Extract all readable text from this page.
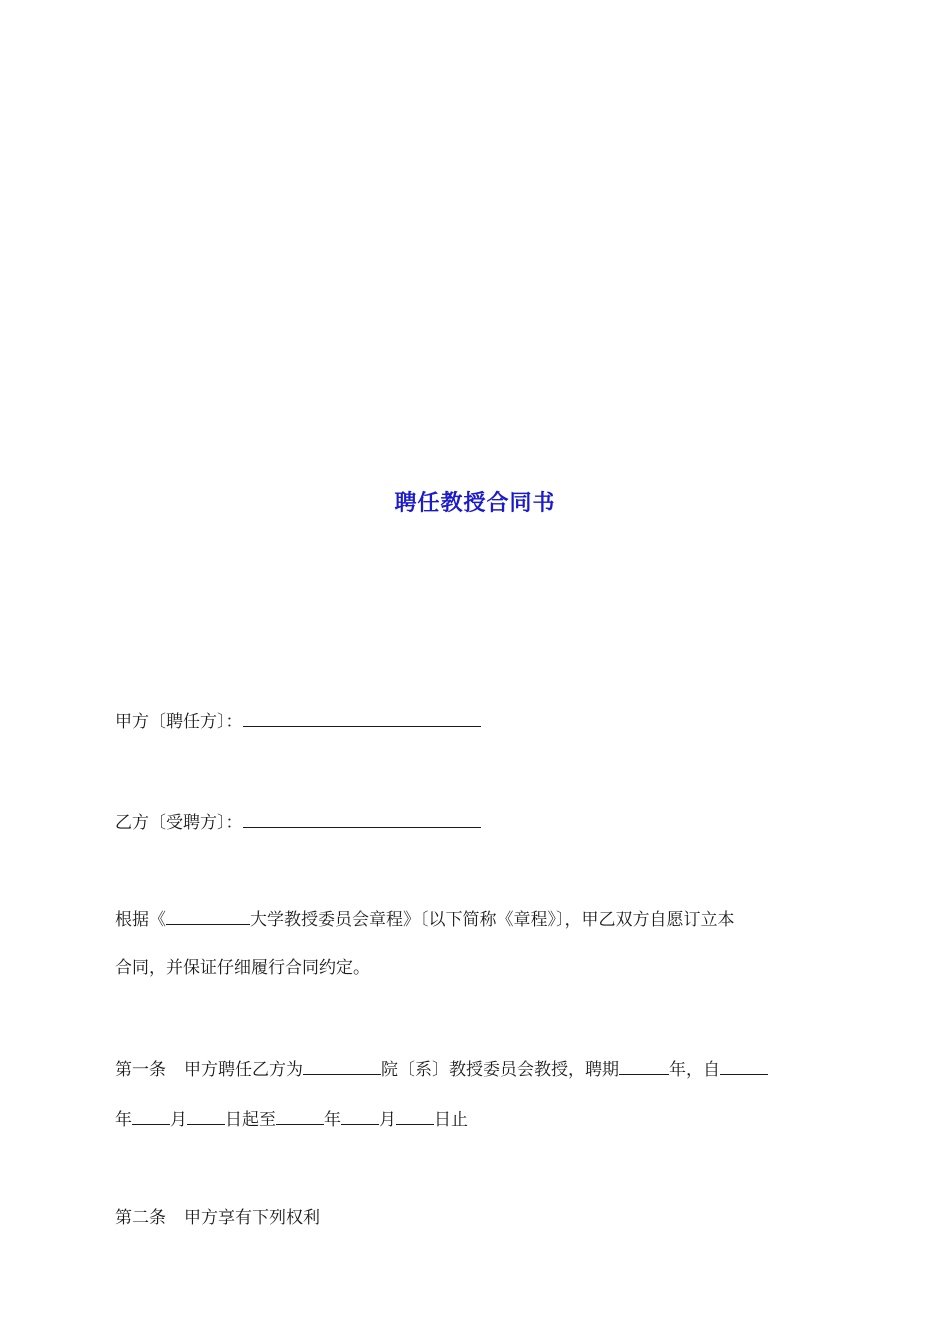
聘任教授合同书
甲方〔聘任方〕：
乙方〔受聘方〕：
根据《	大学教授委员会章程》〔以下简称《章程》〕，甲乙双方自愿订立本
合同，并保证仔细履行合同约定。
第一条 甲方聘任乙方为	院〔系〕教授委员会教授，聘期	年，自
年 月 日起至	年 月 日止
第二条 甲方享有下列权利
